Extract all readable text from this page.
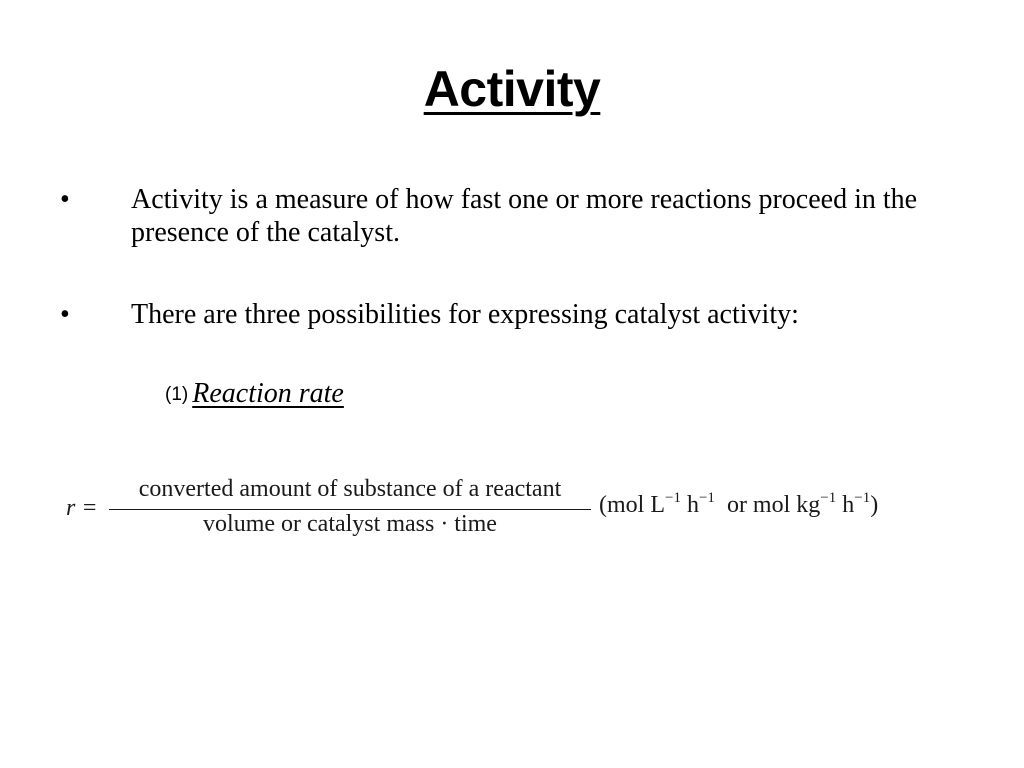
Activity
•	Activity is a measure of how fast one or more reactions proceed in the presence of the catalyst.
•	There are three possibilities for expressing catalyst activity:
(1) Reaction rate
r =
converted amount of substance of a reactant
volume or catalyst mass · time
(mol $L^{-1}$ $h^{-1}$  or mol $kg^{-1}$ $h^{-1}$)
